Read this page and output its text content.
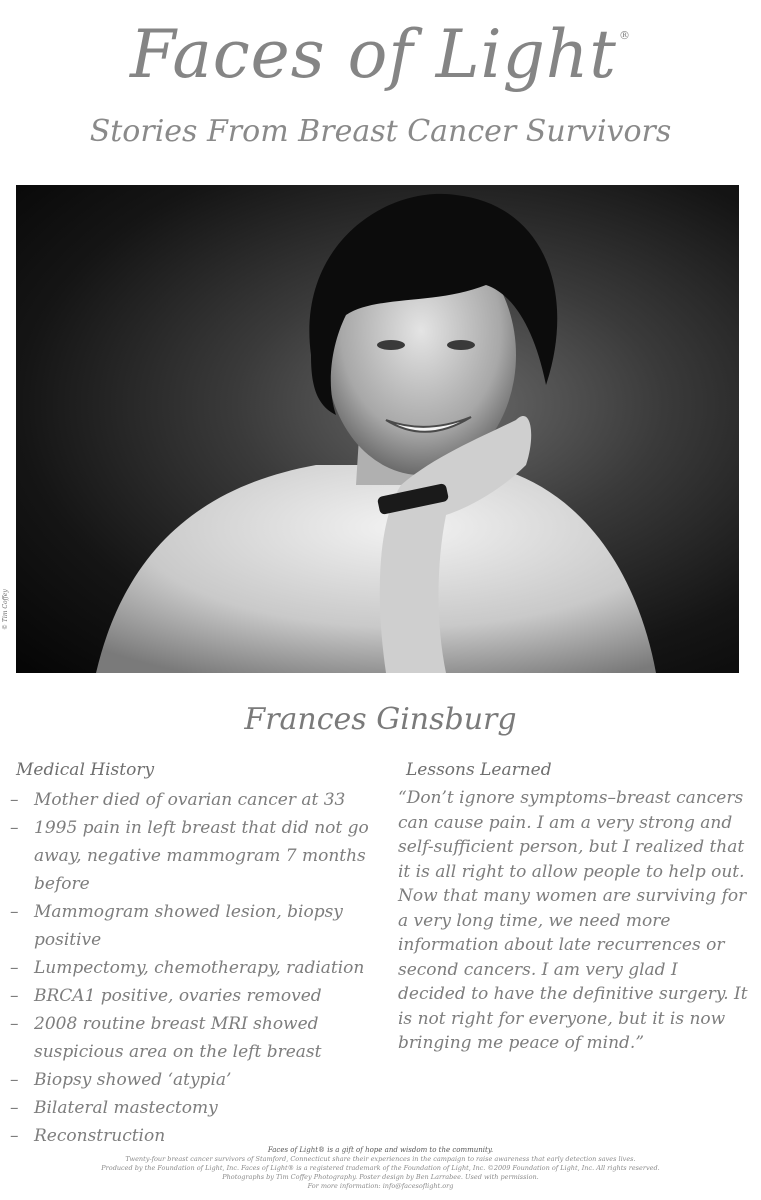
Faces of Light ®
Stories From Breast Cancer Survivors
© Tim Coffey
Frances Ginsburg
Medical History
– Mother died of ovarian cancer at 33
– 1995 pain in left breast that did not go away, negative mammogram 7 months before
– Mammogram showed lesion, biopsy positive
– Lumpectomy, chemotherapy, radiation
– BRCA1 positive, ovaries removed
– 2008 routine breast MRI showed suspicious area on the left breast
– Biopsy showed ‘atypia’
– Bilateral mastectomy
– Reconstruction
Lessons Learned
“Don’t ignore symptoms–breast cancers can cause pain. I am a very strong and self-sufficient person, but I realized that it is all right to allow people to help out. Now that many women are surviving for a very long time, we need more information about late recurrences or second cancers. I am very glad I decided to have the definitive surgery. It is not right for everyone, but it is now bringing me peace of mind.”
Faces of Light® is a gift of hope and wisdom to the community.
Twenty-four breast cancer survivors of Stamford, Connecticut share their experiences in the campaign to raise awareness that early detection saves lives.
Produced by the Foundation of Light, Inc. Faces of Light® is a registered trademark of the Foundation of Light, Inc. ©2009 Foundation of Light, Inc. All rights reserved.
Photographs by Tim Coffey Photography. Poster design by Ben Larrabee. Used with permission.
For more information: info@facesoflight.org
